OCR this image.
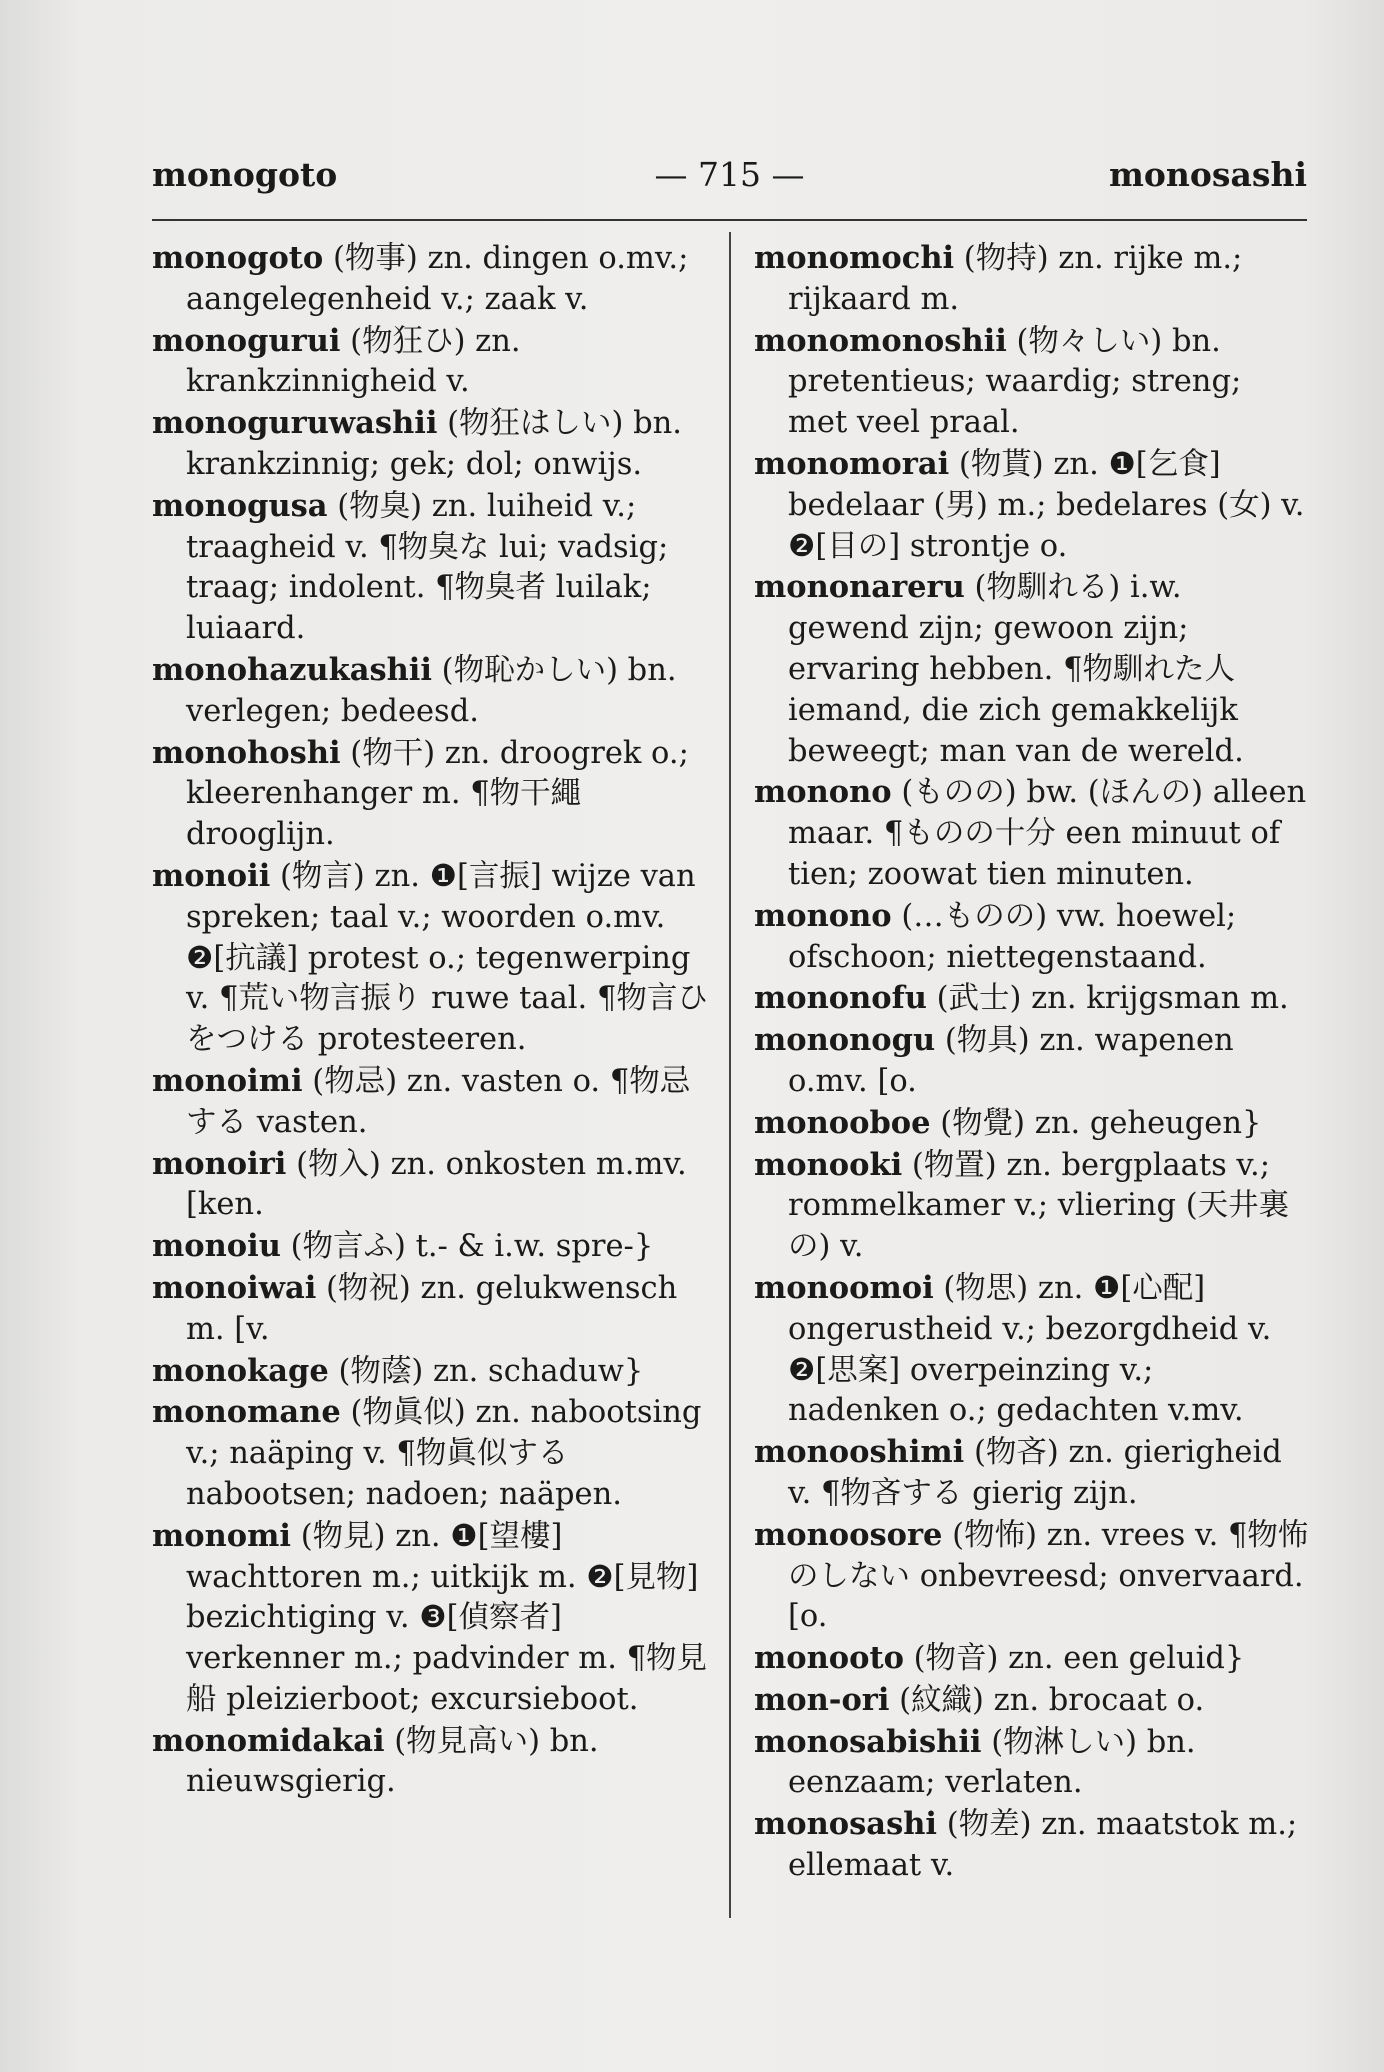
monogoto	— 715 —	monosashi
monogoto (物事) zn. dingen o.mv.; aangelegenheid v.; zaak v.
monogurui (物狂ひ) zn. krankzinnigheid v.
monoguruwashii (物狂はしい) bn. krankzinnig; gek; dol; onwijs.
monogusa (物臭) zn. luiheid v.; traagheid v. ¶物臭な lui; vadsig; traag; indolent. ¶物臭者 luilak; luiaard.
monohazukashii (物恥かしい) bn. verlegen; bedeesd.
monohoshi (物干) zn. droogrek o.; kleerenhanger m. ¶物干繩 drooglijn.
monoii (物言) zn. ❶[言振] wijze van spreken; taal v.; woorden o.mv. ❷[抗議] protest o.; tegenwerping v. ¶荒い物言振り ruwe taal. ¶物言ひをつける protesteeren.
monoimi (物忌) zn. vasten o. ¶物忌する vasten.
monoiri (物入) zn. onkosten m.mv. [ken.
monoiu (物言ふ) t.- & i.w. spre-}
monoiwai (物祝) zn. gelukwensch m. [v.
monokage (物蔭) zn. schaduw}
monomane (物眞似) zn. nabootsing v.; naäping v. ¶物眞似する nabootsen; nadoen; naäpen.
monomi (物見) zn. ❶[望樓] wachttoren m.; uitkijk m. ❷[見物] bezichtiging v. ❸[偵察者] verkenner m.; padvinder m. ¶物見船 pleizierboot; excursieboot.
monomidakai (物見高い) bn. nieuwsgierig.
monomochi (物持) zn. rijke m.; rijkaard m.
monomonoshii (物々しい) bn. pretentieus; waardig; streng; met veel praal.
monomorai (物貰) zn. ❶[乞食] bedelaar (男) m.; bedelares (女) v. ❷[目の] strontje o.
mononareru (物馴れる) i.w. gewend zijn; gewoon zijn; ervaring hebben. ¶物馴れた人 iemand, die zich gemakkelijk beweegt; man van de wereld.
monono (ものの) bw. (ほんの) alleen maar. ¶ものの十分 een minuut of tien; zoowat tien minuten.
monono (…ものの) vw. hoewel; ofschoon; niettegenstaand.
mononofu (武士) zn. krijgsman m.
mononogu (物具) zn. wapenen o.mv. [o.
monooboe (物覺) zn. geheugen}
monooki (物置) zn. bergplaats v.; rommelkamer v.; vliering (天井裏の) v.
monoomoi (物思) zn. ❶[心配] ongerustheid v.; bezorgdheid v. ❷[思案] overpeinzing v.; nadenken o.; gedachten v.mv.
monooshimi (物吝) zn. gierigheid v. ¶物吝する gierig zijn.
monoosore (物怖) zn. vrees v. ¶物怖のしない onbevreesd; onvervaard. [o.
monooto (物音) zn. een geluid}
mon-ori (紋織) zn. brocaat o.
monosabishii (物淋しい) bn. eenzaam; verlaten.
monosashi (物差) zn. maatstok m.; ellemaat v.
